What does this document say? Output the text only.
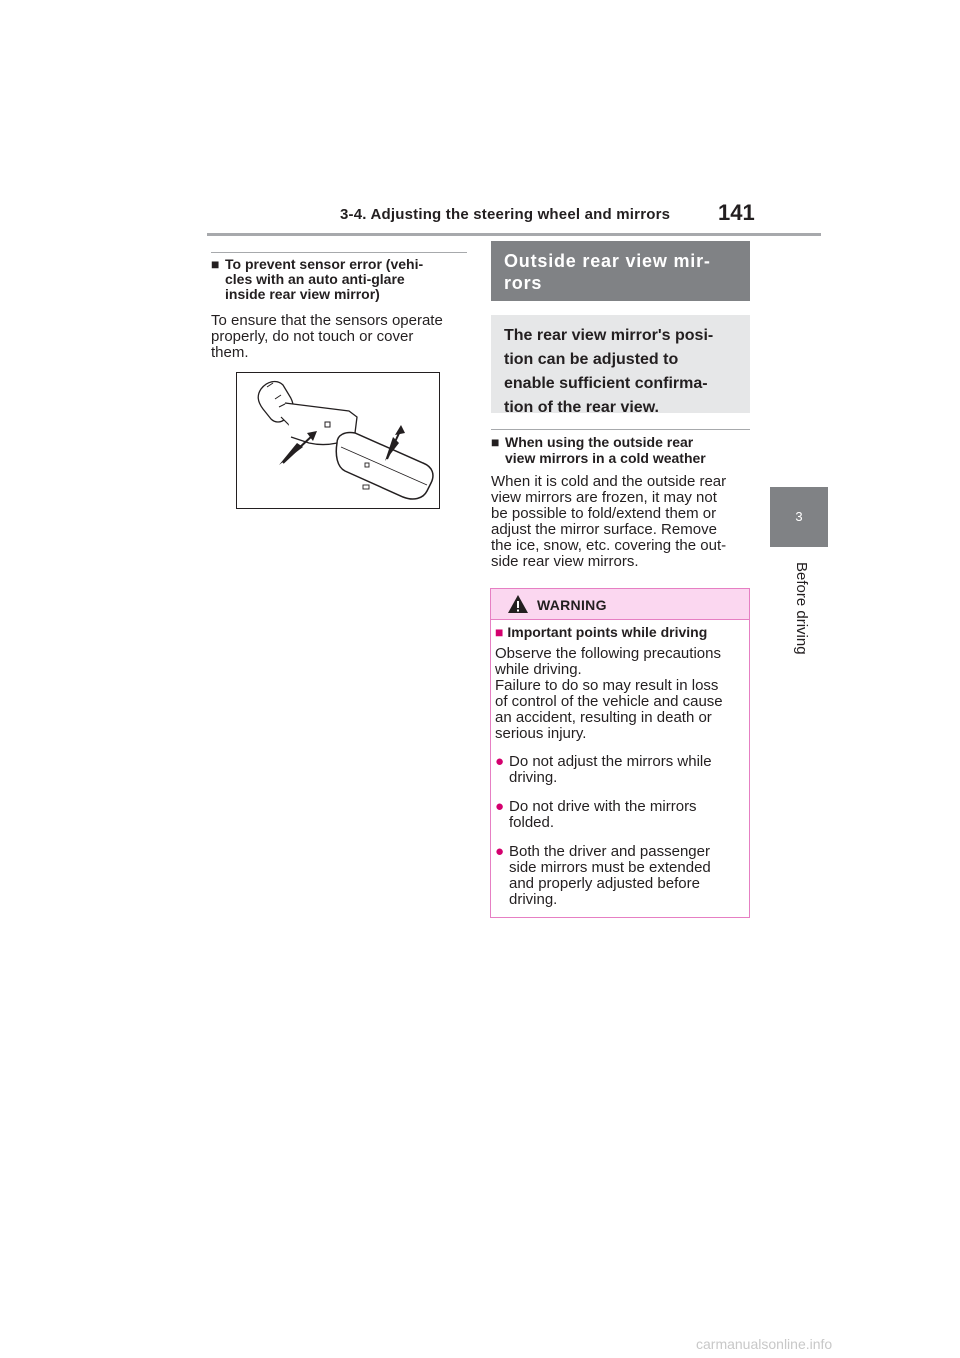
3-4. Adjusting the steering wheel and mirrors 141
3
Before driving
■ To prevent sensor error (vehi-
cles with an auto anti-glare
inside rear view mirror)
To ensure that the sensors operate
properly, do not touch or cover
them.
Outside rear view mir-
rors
The rear view mirror's posi-
tion can be adjusted to
enable sufficient confirma-
tion of the rear view.
■ When using the outside rear
view mirrors in a cold weather
When it is cold and the outside rear
view mirrors are frozen, it may not
be possible to fold/extend them or
adjust the mirror surface. Remove
the ice, snow, etc. covering the out-
side rear view mirrors.
WARNING
■ Important points while driving
Observe the following precautions
while driving.
Failure to do so may result in loss
of control of the vehicle and cause
an accident, resulting in death or
serious injury.
● Do not adjust the mirrors while
driving.
● Do not drive with the mirrors
folded.
● Both the driver and passenger
side mirrors must be extended
and properly adjusted before
driving.
carmanualsonline.info
